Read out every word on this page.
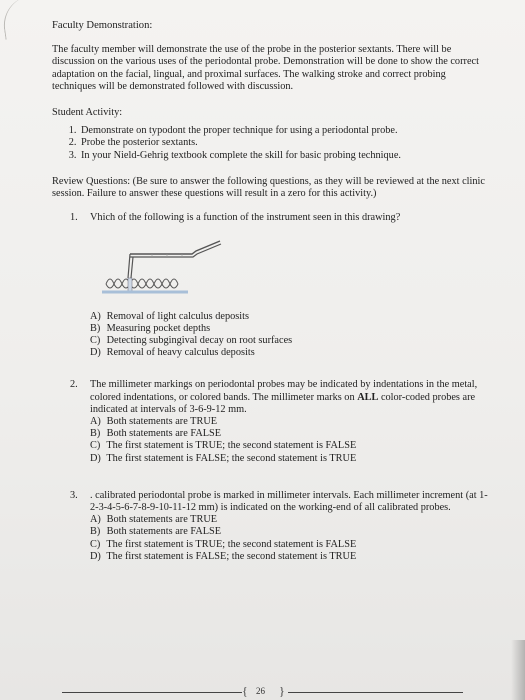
Faculty Demonstration:

The faculty member will demonstrate the use of the probe in the posterior sextants. There will be discussion on the various uses of the periodontal probe. Demonstration will be done to show the correct adaptation on the facial, lingual, and proximal surfaces. The walking stroke and correct probing techniques will be demonstrated followed with discussion.

Student Activity:

1. Demonstrate on typodont the proper technique for using a periodontal probe.
2. Probe the posterior sextants.
3. In your Nield-Gehrig textbook complete the skill for basic probing technique.

Review Questions: (Be sure to answer the following questions, as they will be reviewed at the next clinic session. Failure to answer these questions will result in a zero for this activity.)

1. Vhich of the following is a function of the instrument seen in this drawing?

A) Removal of light calculus deposits
B) Measuring pocket depths
C) Detecting subgingival decay on root surfaces
D) Removal of heavy calculus deposits
2. The millimeter markings on periodontal probes may be indicated by indentations in the metal, colored indentations, or colored bands. The millimeter marks on ALL color-coded probes are indicated at intervals of 3-6-9-12 mm.

A) Both statements are TRUE
B) Both statements are FALSE
C) The first statement is TRUE; the second statement is FALSE
D) The first statement is FALSE; the second statement is TRUE
3. . calibrated periodontal probe is marked in millimeter intervals. Each millimeter increment (at 1-2-3-4-5-6-7-8-9-10-11-12 mm) is indicated on the working-end of all calibrated probes.

A) Both statements are TRUE
B) Both statements are FALSE
C) The first statement is TRUE; the second statement is FALSE
D) The first statement is FALSE; the second statement is TRUE
{ 26 }
